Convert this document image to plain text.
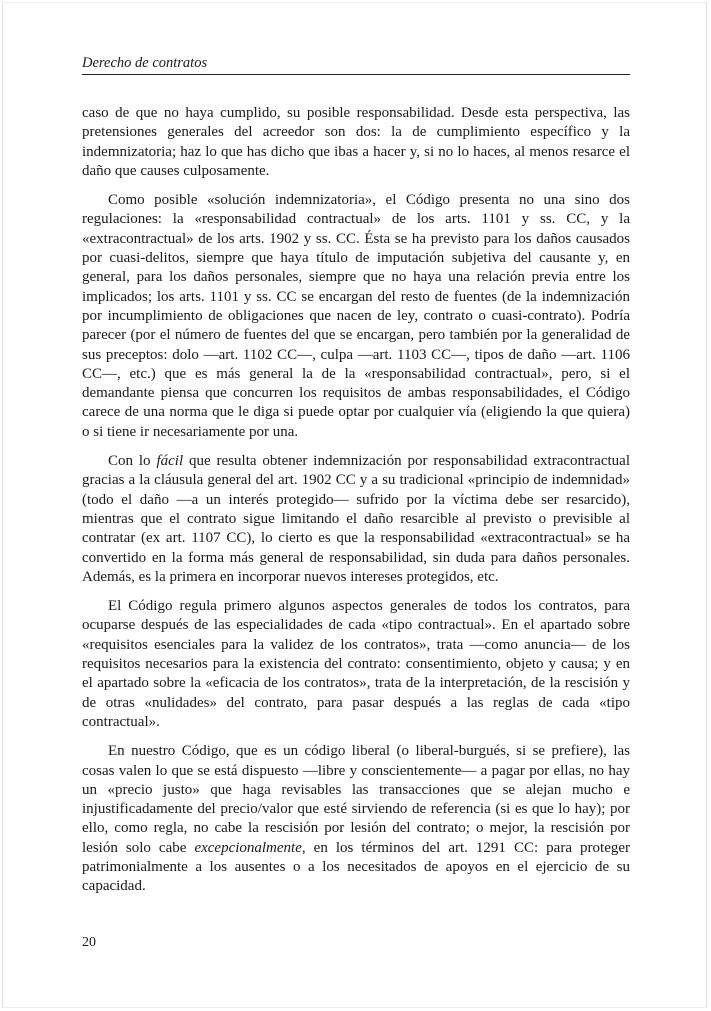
Derecho de contratos

caso de que no haya cumplido, su posible responsabilidad. Desde esta perspectiva, las pretensiones generales del acreedor son dos: la de cumplimiento específico y la indemnizatoria; haz lo que has dicho que ibas a hacer y, si no lo haces, al menos resarce el daño que causes culposamente.

Como posible «solución indemnizatoria», el Código presenta no una sino dos regulaciones: la «responsabilidad contractual» de los arts. 1101 y ss. CC, y la «extracontractual» de los arts. 1902 y ss. CC. Ésta se ha previsto para los daños causados por cuasi-delitos, siempre que haya título de imputación subjetiva del causante y, en general, para los daños personales, siempre que no haya una relación previa entre los implicados; los arts. 1101 y ss. CC se encargan del resto de fuentes (de la indemnización por incumplimiento de obligaciones que nacen de ley, contrato o cuasi-contrato). Podría parecer (por el número de fuentes del que se encargan, pero también por la generalidad de sus preceptos: dolo —art. 1102 CC—, culpa —art. 1103 CC—, tipos de daño —art. 1106 CC—, etc.) que es más general la de la «responsabilidad contractual», pero, si el demandante piensa que concurren los requisitos de ambas responsabilidades, el Código carece de una norma que le diga si puede optar por cualquier vía (eligiendo la que quiera) o si tiene ir necesariamente por una.

Con lo fácil que resulta obtener indemnización por responsabilidad extracontractual gracias a la cláusula general del art. 1902 CC y a su tradicional «principio de indemnidad» (todo el daño —a un interés protegido— sufrido por la víctima debe ser resarcido), mientras que el contrato sigue limitando el daño resarcible al previsto o previsible al contratar (ex art. 1107 CC), lo cierto es que la responsabilidad «extracontractual» se ha convertido en la forma más general de responsabilidad, sin duda para daños personales. Además, es la primera en incorporar nuevos intereses protegidos, etc.

El Código regula primero algunos aspectos generales de todos los contratos, para ocuparse después de las especialidades de cada «tipo contractual». En el apartado sobre «requisitos esenciales para la validez de los contratos», trata —como anuncia— de los requisitos necesarios para la existencia del contrato: consentimiento, objeto y causa; y en el apartado sobre la «eficacia de los contratos», trata de la interpretación, de la rescisión y de otras «nulidades» del contrato, para pasar después a las reglas de cada «tipo contractual».

En nuestro Código, que es un código liberal (o liberal-burgués, si se prefiere), las cosas valen lo que se está dispuesto —libre y conscientemente— a pagar por ellas, no hay un «precio justo» que haga revisables las transacciones que se alejan mucho e injustificadamente del precio/valor que esté sirviendo de referencia (si es que lo hay); por ello, como regla, no cabe la rescisión por lesión del contrato; o mejor, la rescisión por lesión solo cabe excepcionalmente, en los términos del art. 1291 CC: para proteger patrimonialmente a los ausentes o a los necesitados de apoyos en el ejercicio de su capacidad.

20
